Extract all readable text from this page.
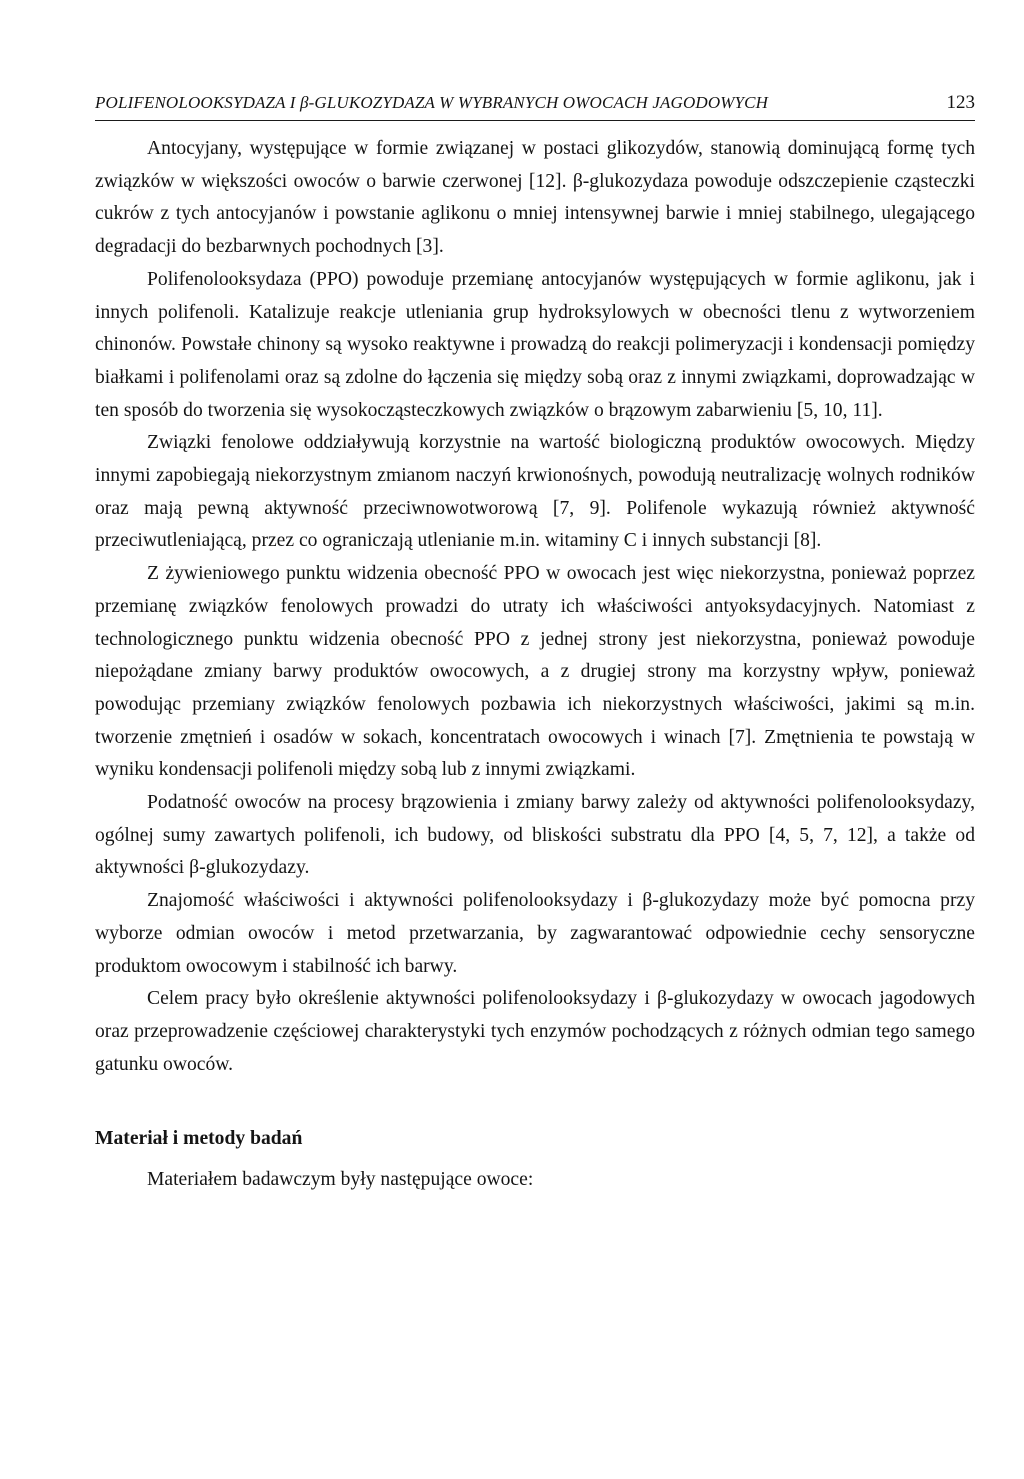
POLIFENOLOOKSYDAZA I β-GLUKOZYDAZA W WYBRANYCH OWOCACH JAGODOWYCH	123

Antocyjany, występujące w formie związanej w postaci glikozydów, stanowią dominującą formę tych związków w większości owoców o barwie czerwonej [12]. β-glukozydaza powoduje odszczepienie cząsteczki cukrów z tych antocyjanów i powstanie aglikonu o mniej intensywnej barwie i mniej stabilnego, ulegającego degradacji do bezbarwnych pochodnych [3].

Polifenolooksydaza (PPO) powoduje przemianę antocyjanów występujących w formie aglikonu, jak i innych polifenoli. Katalizuje reakcje utleniania grup hydroksylowych w obecności tlenu z wytworzeniem chinonów. Powstałe chinony są wysoko reaktywne i prowadzą do reakcji polimeryzacji i kondensacji pomiędzy białkami i polifenolami oraz są zdolne do łączenia się między sobą oraz z innymi związkami, doprowadzając w ten sposób do tworzenia się wysokocząsteczkowych związków o brązowym zabarwieniu [5, 10, 11].

Związki fenolowe oddziaływują korzystnie na wartość biologiczną produktów owocowych. Między innymi zapobiegają niekorzystnym zmianom naczyń krwionośnych, powodują neutralizację wolnych rodników oraz mają pewną aktywność przeciwnowotworową [7, 9]. Polifenole wykazują również aktywność przeciwutleniającą, przez co ograniczają utlenianie m.in. witaminy C i innych substancji [8].

Z żywieniowego punktu widzenia obecność PPO w owocach jest więc niekorzystna, ponieważ poprzez przemianę związków fenolowych prowadzi do utraty ich właściwości antyoksydacyjnych. Natomiast z technologicznego punktu widzenia obecność PPO z jednej strony jest niekorzystna, ponieważ powoduje niepożądane zmiany barwy produktów owocowych, a z drugiej strony ma korzystny wpływ, ponieważ powodując przemiany związków fenolowych pozbawia ich niekorzystnych właściwości, jakimi są m.in. tworzenie zmętnień i osadów w sokach, koncentratach owocowych i winach [7]. Zmętnienia te powstają w wyniku kondensacji polifenoli między sobą lub z innymi związkami.

Podatność owoców na procesy brązowienia i zmiany barwy zależy od aktywności polifenolooksydazy, ogólnej sumy zawartych polifenoli, ich budowy, od bliskości substratu dla PPO [4, 5, 7, 12], a także od aktywności β-glukozydazy.

Znajomość właściwości i aktywności polifenolooksydazy i β-glukozydazy może być pomocna przy wyborze odmian owoców i metod przetwarzania, by zagwarantować odpowiednie cechy sensoryczne produktom owocowym i stabilność ich barwy.

Celem pracy było określenie aktywności polifenolooksydazy i β-glukozydazy w owocach jagodowych oraz przeprowadzenie częściowej charakterystyki tych enzymów pochodzących z różnych odmian tego samego gatunku owoców.

Materiał i metody badań

Materiałem badawczym były następujące owoce:
